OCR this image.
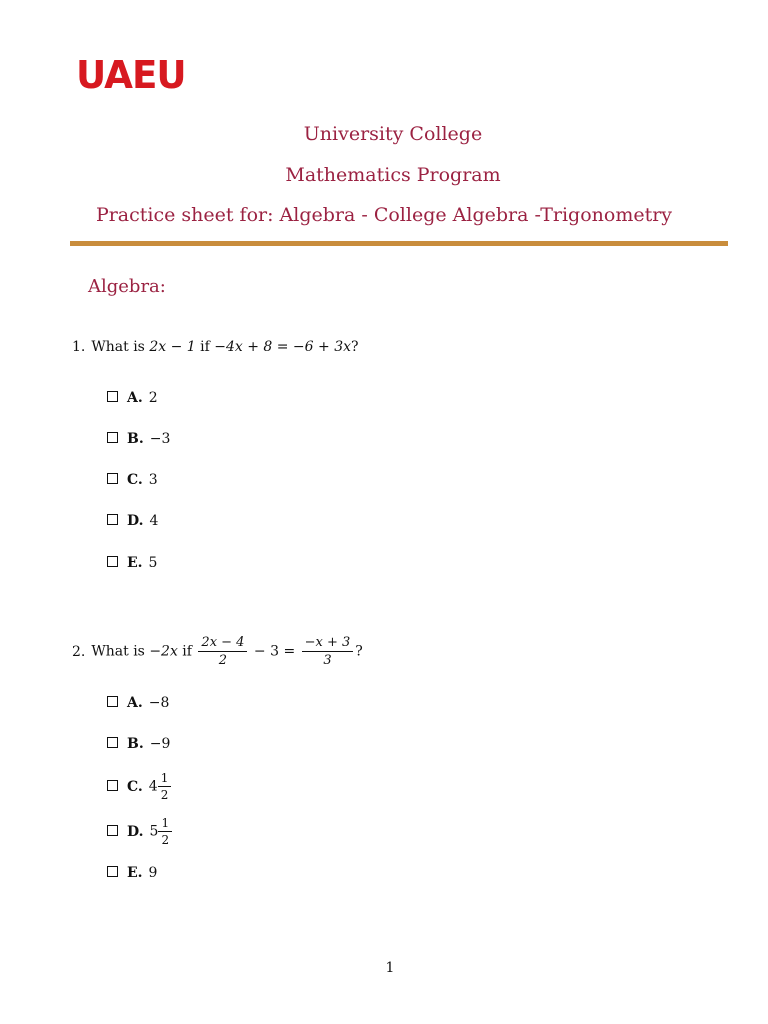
UAEU
University College
Mathematics Program
Practice sheet for: Algebra - College Algebra -Trigonometry
Algebra:
1. What is 2x − 1 if −4x + 8 = −6 + 3x?
A. 2
B. −3
C. 3
D. 4
E. 5
2. What is −2x if $\frac{2x - 4}{2} - 3 = \frac{-x + 3}{3}$ ?
A. −8
B. −9
C. $4 \frac{1}{2}$
D. $5 \frac{1}{2}$
E. 9
1
